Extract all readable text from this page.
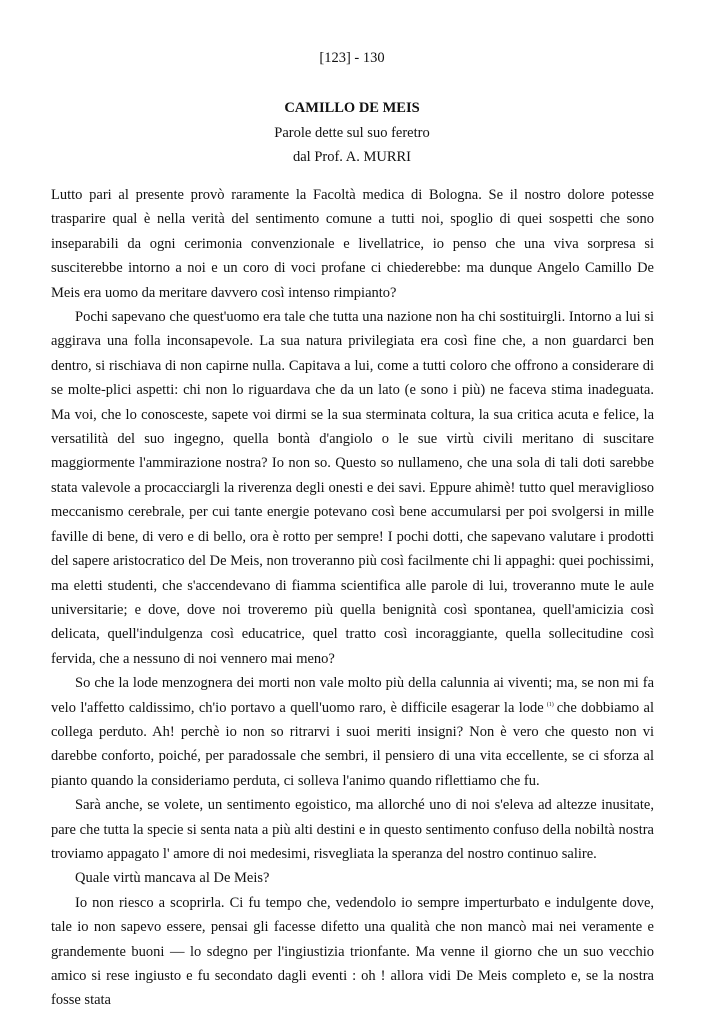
[123] - 130
CAMILLO DE MEIS
Parole dette sul suo feretro
dal Prof. A. MURRI

Lutto pari al presente provò raramente la Facoltà medica di Bologna. Se il nostro dolore potesse trasparire qual è nella verità del sentimento comune a tutti noi, spoglio di quei sospetti che sono inseparabili da ogni cerimonia convenzionale e livellatrice, io penso che una viva sorpresa si susciterebbe intorno a noi e un coro di voci profane ci chiederebbe: ma dunque Angelo Camillo De Meis era uomo da meritare davvero così intenso rimpianto?

Pochi sapevano che quest'uomo era tale che tutta una nazione non ha chi sostituirgli. Intorno a lui si aggirava una folla inconsapevole. La sua natura privilegiata era così fine che, a non guardarci ben dentro, si rischiava di non capirne nulla. Capitava a lui, come a tutti coloro che offrono a considerare di se molte-plici aspetti: chi non lo riguardava che da un lato (e sono i più) ne faceva stima inadeguata. Ma voi, che lo conosceste, sapete voi dirmi se la sua sterminata coltura, la sua critica acuta e felice, la versatilità del suo ingegno, quella bontà d'angiolo o le sue virtù civili meritano di suscitare maggiormente l'ammirazione nostra? Io non so. Questo so nullameno, che una sola di tali doti sarebbe stata valevole a procacciargli la riverenza degli onesti e dei savi. Eppure ahimè! tutto quel meraviglioso meccanismo cerebrale, per cui tante energie potevano così bene accumularsi per poi svolgersi in mille faville di bene, di vero e di bello, ora è rotto per sempre! I pochi dotti, che sapevano valutare i prodotti del sapere aristocratico del De Meis, non troveranno più così facilmente chi li appaghi: quei pochissimi, ma eletti studenti, che s'accendevano di fiamma scientifica alle parole di lui, troveranno mute le aule universitarie; e dove, dove noi troveremo più quella benignità così spontanea, quell'amicizia così delicata, quell'indulgenza così educatrice, quel tratto così incoraggiante, quella sollecitudine così fervida, che a nessuno di noi vennero mai meno?

So che la lode menzognera dei morti non vale molto più della calunnia ai viventi; ma, se non mi fa velo l'affetto caldissimo, ch'io portavo a quell'uomo raro, è difficile esagerar la lode $^{(1)}$ che dobbiamo al collega perduto. Ah! perchè io non so ritrarvi i suoi meriti insigni? Non è vero che questo non vi darebbe conforto, poiché, per paradossale che sembri, il pensiero di una vita eccellente, se ci sforza al pianto quando la consideriamo perduta, ci solleva l'animo quando riflettiamo che fu.

Sarà anche, se volete, un sentimento egoistico, ma allorché uno di noi s'eleva ad altezze inusitate, pare che tutta la specie si senta nata a più alti destini e in questo sentimento confuso della nobiltà nostra troviamo appagato l' amore di noi medesimi, risvegliata la speranza del nostro continuo salire.

Quale virtù mancava al De Meis?

Io non riesco a scoprirla. Ci fu tempo che, vedendolo io sempre imperturbato e indulgente dove, tale io non sapevo essere, pensai gli facesse difetto una qualità che non mancò mai nei veramente e grandemente buoni — lo sdegno per l'ingiustizia trionfante. Ma venne il giorno che un suo vecchio amico si rese ingiusto e fu secondato dagli eventi : oh ! allora vidi De Meis completo e, se la nostra fosse stata
